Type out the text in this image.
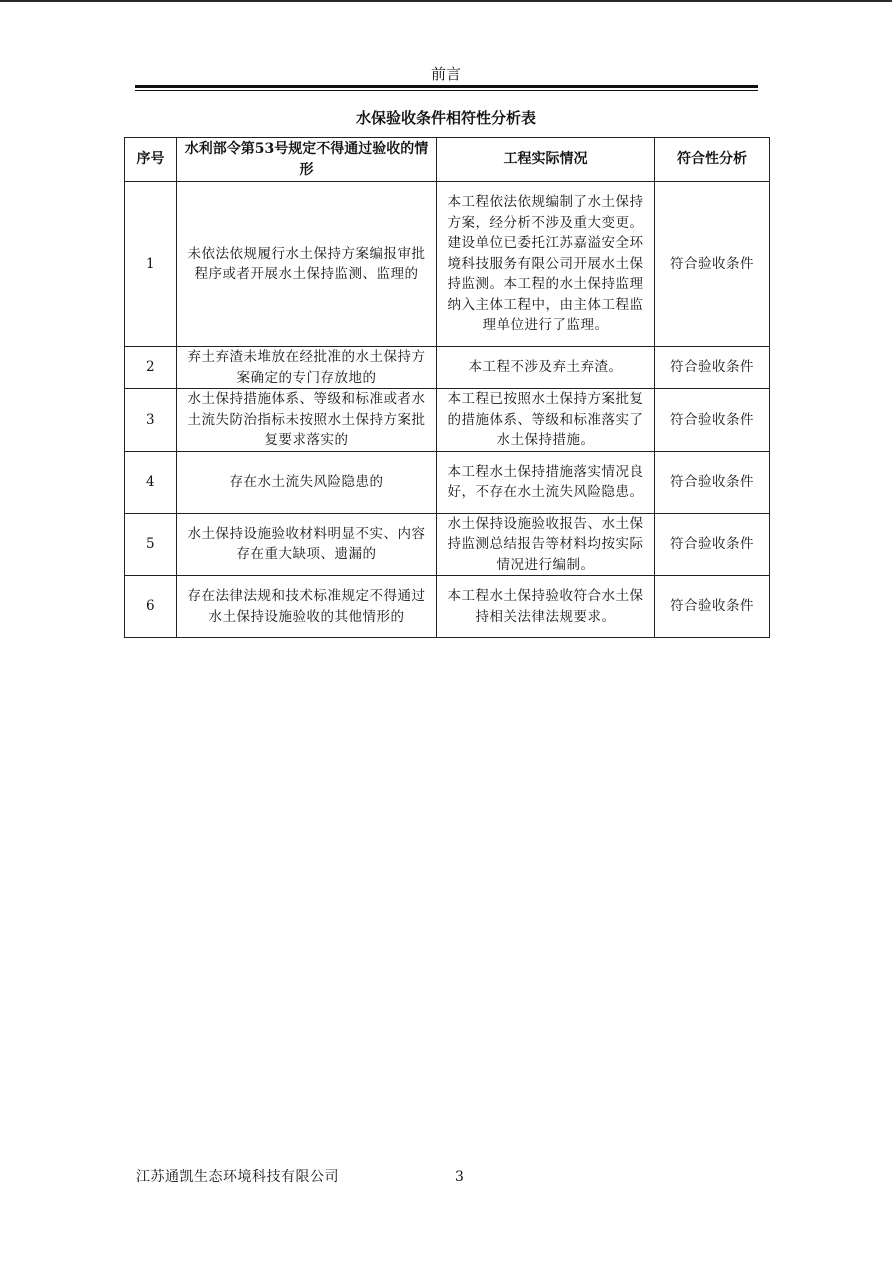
前言
水保验收条件相符性分析表
序号	水利部令第53号规定不得通过验收的情形	工程实际情况	符合性分析
1	未依法依规履行水土保持方案编报审批程序或者开展水土保持监测、监理的	本工程依法依规编制了水土保持方案，经分析不涉及重大变更。建设单位已委托江苏嘉溢安全环境科技服务有限公司开展水土保持监测。本工程的水土保持监理纳入主体工程中，由主体工程监理单位进行了监理。	符合验收条件
2	弃土弃渣未堆放在经批准的水土保持方案确定的专门存放地的	本工程不涉及弃土弃渣。	符合验收条件
3	水土保持措施体系、等级和标准或者水土流失防治指标未按照水土保持方案批复要求落实的	本工程已按照水土保持方案批复的措施体系、等级和标准落实了水土保持措施。	符合验收条件
4	存在水土流失风险隐患的	本工程水土保持措施落实情况良好，不存在水土流失风险隐患。	符合验收条件
5	水土保持设施验收材料明显不实、内容存在重大缺项、遗漏的	水土保持设施验收报告、水土保持监测总结报告等材料均按实际情况进行编制。	符合验收条件
6	存在法律法规和技术标准规定不得通过水土保持设施验收的其他情形的	本工程水土保持验收符合水土保持相关法律法规要求。	符合验收条件
江苏通凯生态环境科技有限公司	3
